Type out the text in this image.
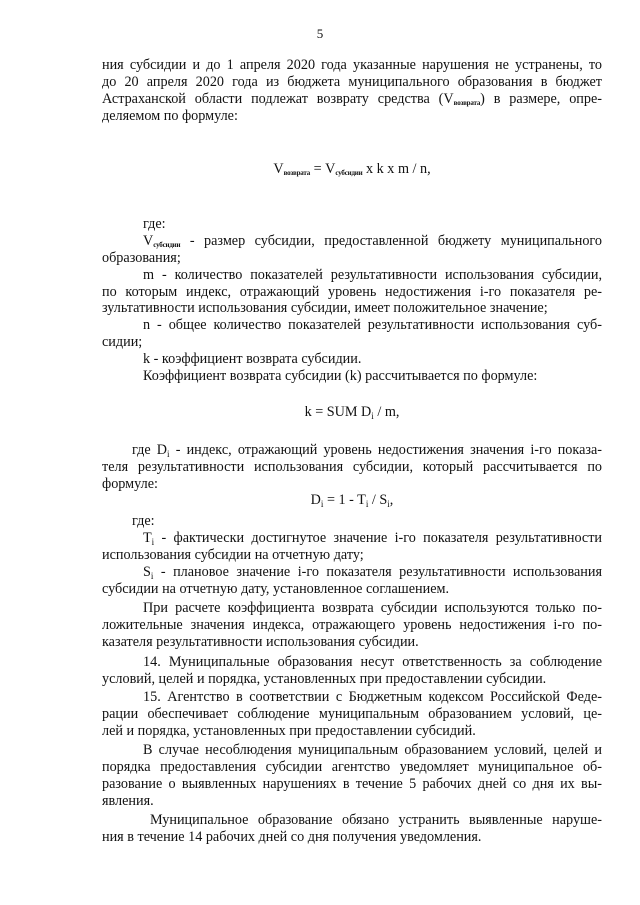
5
ния субсидии и до 1 апреля 2020 года указанные нарушения не устранены, то
до 20 апреля 2020 года из бюджета муниципального образования в бюджет
Астраханской области подлежат возврату средства (Vвозврата) в размере, опре-
деляемом по формуле:
Vвозврата = Vсубсидии x k x m / n,
где:
Vсубсидии - размер субсидии, предоставленной бюджету муниципального
образования;
m - количество показателей результативности использования субсидии,
по которым индекс, отражающий уровень недостижения i-го показателя ре-
зультативности использования субсидии, имеет положительное значение;
n - общее количество показателей результативности использования суб-
сидии;
k - коэффициент возврата субсидии.
Коэффициент возврата субсидии (k) рассчитывается по формуле:
k = SUM $D_i$ / m,
где $D_i$ - индекс, отражающий уровень недостижения значения i-го показа-
теля результативности использования субсидии, который рассчитывается по
формуле:
$D_i = 1 - T_i / S_i$,
где:
$T_i$ - фактически достигнутое значение i-го показателя результативности
использования субсидии на отчетную дату;
$S_i$ - плановое значение i-го показателя результативности использования
субсидии на отчетную дату, установленное соглашением.
При расчете коэффициента возврата субсидии используются только по-
ложительные значения индекса, отражающего уровень недостижения i-го по-
казателя результативности использования субсидии.
14. Муниципальные образования несут ответственность за соблюдение
условий, целей и порядка, установленных при предоставлении субсидии.
15. Агентство в соответствии с Бюджетным кодексом Российской Феде-
рации обеспечивает соблюдение муниципальным образованием условий, це-
лей и порядка, установленных при предоставлении субсидий.
В случае несоблюдения муниципальным образованием условий, целей и
порядка предоставления субсидии агентство уведомляет муниципальное об-
разование о выявленных нарушениях в течение 5 рабочих дней со дня их вы-
явления.
Муниципальное образование обязано устранить выявленные наруше-
ния в течение 14 рабочих дней со дня получения уведомления.
